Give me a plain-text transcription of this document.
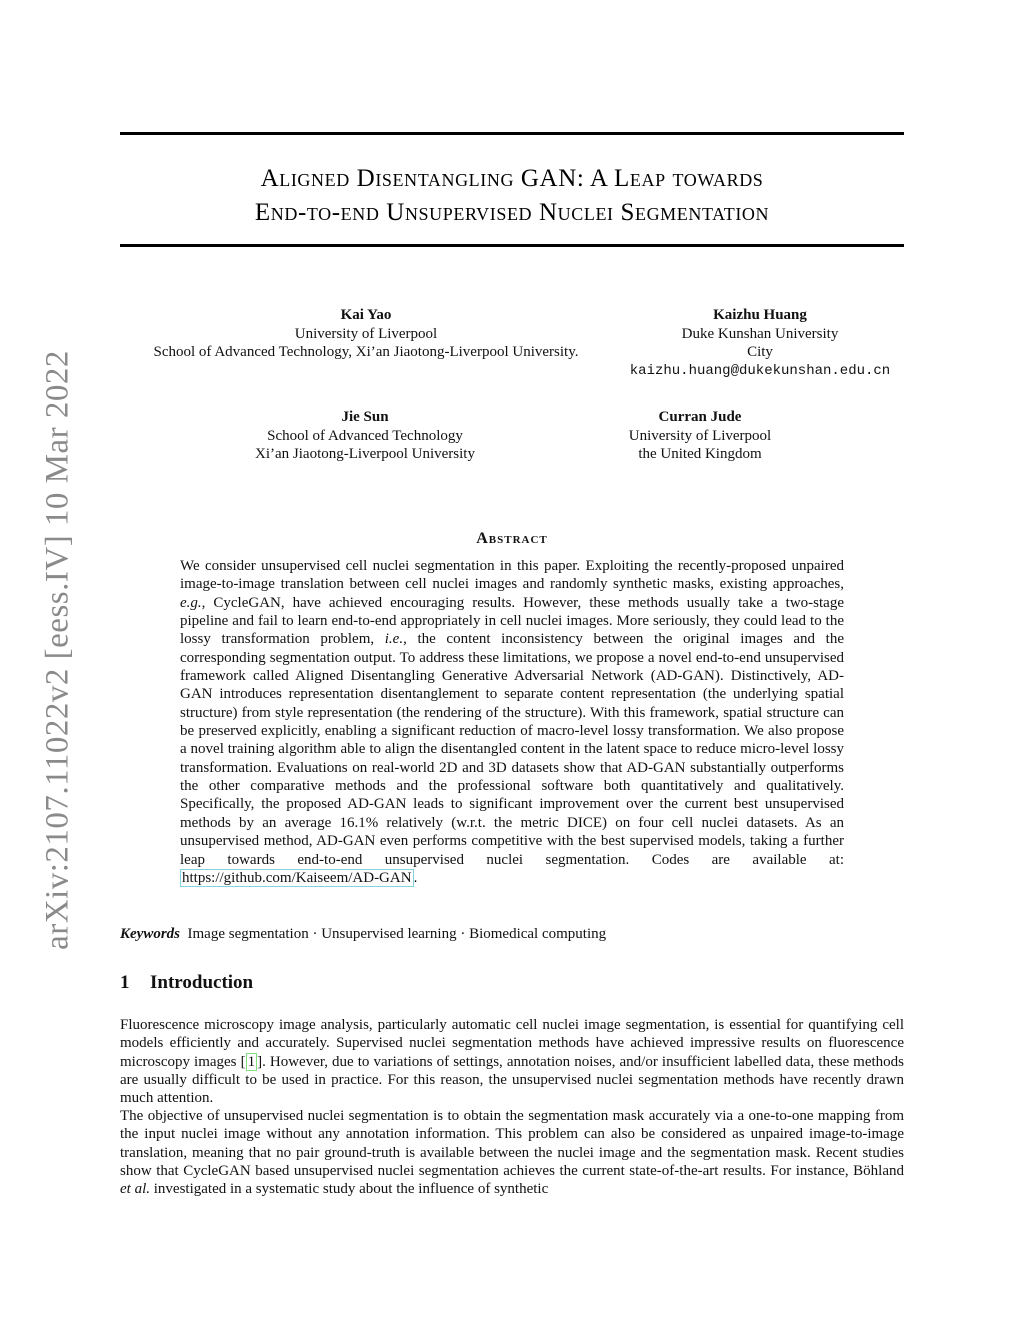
Aligned Disentangling GAN: A Leap towards
End-to-end Unsupervised Nuclei Segmentation
arXiv:2107.11022v2 [eess.IV] 10 Mar 2022
Kai Yao
University of Liverpool
School of Advanced Technology, Xi’an Jiaotong-Liverpool University.
Kaizhu Huang
Duke Kunshan University
City
kaizhu.huang@dukekunshan.edu.cn
Jie Sun
School of Advanced Technology
Xi’an Jiaotong-Liverpool University
Curran Jude
University of Liverpool
the United Kingdom
Abstract

We consider unsupervised cell nuclei segmentation in this paper. Exploiting the recently-proposed unpaired image-to-image translation between cell nuclei images and randomly synthetic masks, existing approaches, e.g., CycleGAN, have achieved encouraging results. However, these methods usually take a two-stage pipeline and fail to learn end-to-end appropriately in cell nuclei images. More seriously, they could lead to the lossy transformation problem, i.e., the content inconsistency between the original images and the corresponding segmentation output. To address these limitations, we propose a novel end-to-end unsupervised framework called Aligned Disentangling Generative Adversarial Network (AD-GAN). Distinctively, AD-GAN introduces representation disentanglement to separate content representation (the underlying spatial structure) from style representation (the rendering of the structure). With this framework, spatial structure can be preserved explicitly, enabling a significant reduction of macro-level lossy transformation. We also propose a novel training algorithm able to align the disentangled content in the latent space to reduce micro-level lossy transformation. Evaluations on real-world 2D and 3D datasets show that AD-GAN substantially outperforms the other comparative methods and the professional software both quantitatively and qualitatively. Specifically, the proposed AD-GAN leads to significant improvement over the current best unsupervised methods by an average 16.1% relatively (w.r.t. the metric DICE) on four cell nuclei datasets. As an unsupervised method, AD-GAN even performs competitive with the best supervised models, taking a further leap towards end-to-end unsupervised nuclei segmentation. Codes are available at: https://github.com/Kaiseem/AD-GAN .

Keywords Image segmentation · Unsupervised learning · Biomedical computing
1 Introduction

Fluorescence microscopy image analysis, particularly automatic cell nuclei image segmentation, is essential for quantifying cell models efficiently and accurately. Supervised nuclei segmentation methods have achieved impressive results on fluorescence microscopy images [ 1 ]. However, due to variations of settings, annotation noises, and/or insufficient labelled data, these methods are usually difficult to be used in practice. For this reason, the unsupervised nuclei segmentation methods have recently drawn much attention.

The objective of unsupervised nuclei segmentation is to obtain the segmentation mask accurately via a one-to-one mapping from the input nuclei image without any annotation information. This problem can also be considered as unpaired image-to-image translation, meaning that no pair ground-truth is available between the nuclei image and the segmentation mask. Recent studies show that CycleGAN based unsupervised nuclei segmentation achieves the current state-of-the-art results. For instance, Böhland et al. investigated in a systematic study about the influence of synthetic
